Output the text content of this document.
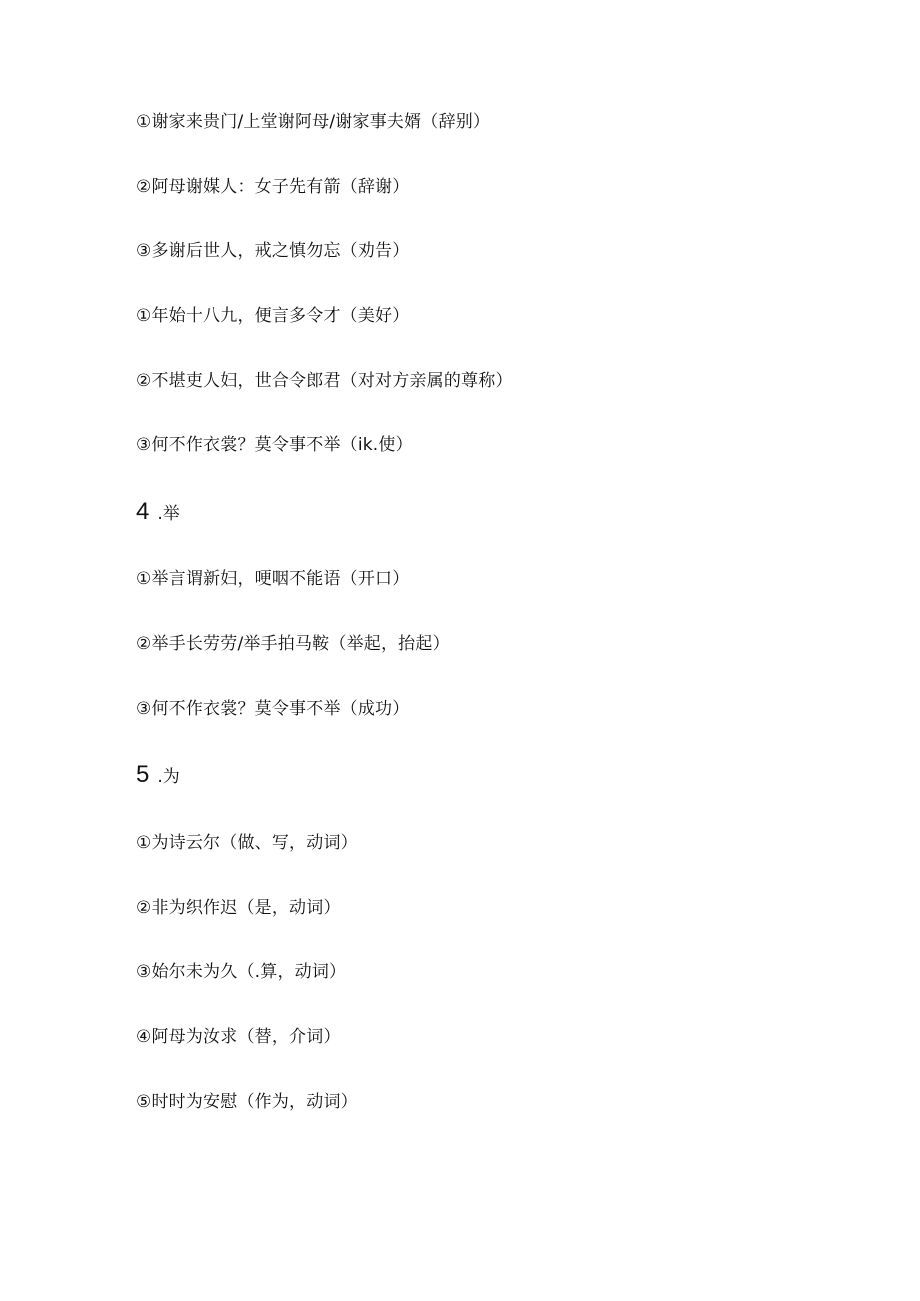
①谢家来贵门/上堂谢阿母/谢家事夫婿（辞别）
②阿母谢媒人：女子先有箭（辞谢）
③多谢后世人，戒之慎勿忘（劝告）
①年始十八九，便言多令才（美好）
②不堪吏人妇，世合令郎君（对对方亲属的尊称）
③何不作衣裳？莫令事不举（ik.使）
4 .举
①举言谓新妇，哽咽不能语（开口）
②举手长劳劳/举手拍马鞍（举起，抬起）
③何不作衣裳？莫令事不举（成功）
5 .为
①为诗云尔（做、写，动词）
②非为织作迟（是，动词）
③始尔未为久（.算，动词）
④阿母为汝求（替，介词）
⑤时时为安慰（作为，动词）
